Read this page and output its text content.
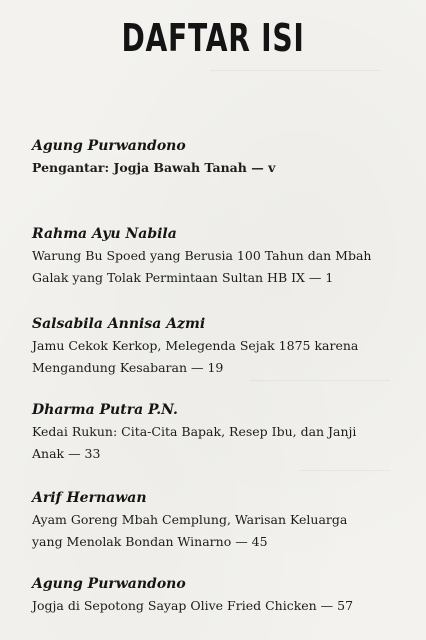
DAFTAR ISI
Agung Purwandono
Pengantar: Jogja Bawah Tanah — v
Rahma Ayu Nabila
Warung Bu Spoed yang Berusia 100 Tahun dan Mbah
Galak yang Tolak Permintaan Sultan HB IX — 1
Salsabila Annisa Azmi
Jamu Cekok Kerkop, Melegenda Sejak 1875 karena
Mengandung Kesabaran — 19
Dharma Putra P.N.
Kedai Rukun: Cita-Cita Bapak, Resep Ibu, dan Janji
Anak — 33
Arif Hernawan
Ayam Goreng Mbah Cemplung, Warisan Keluarga
yang Menolak Bondan Winarno — 45
Agung Purwandono
Jogja di Sepotong Sayap Olive Fried Chicken — 57
